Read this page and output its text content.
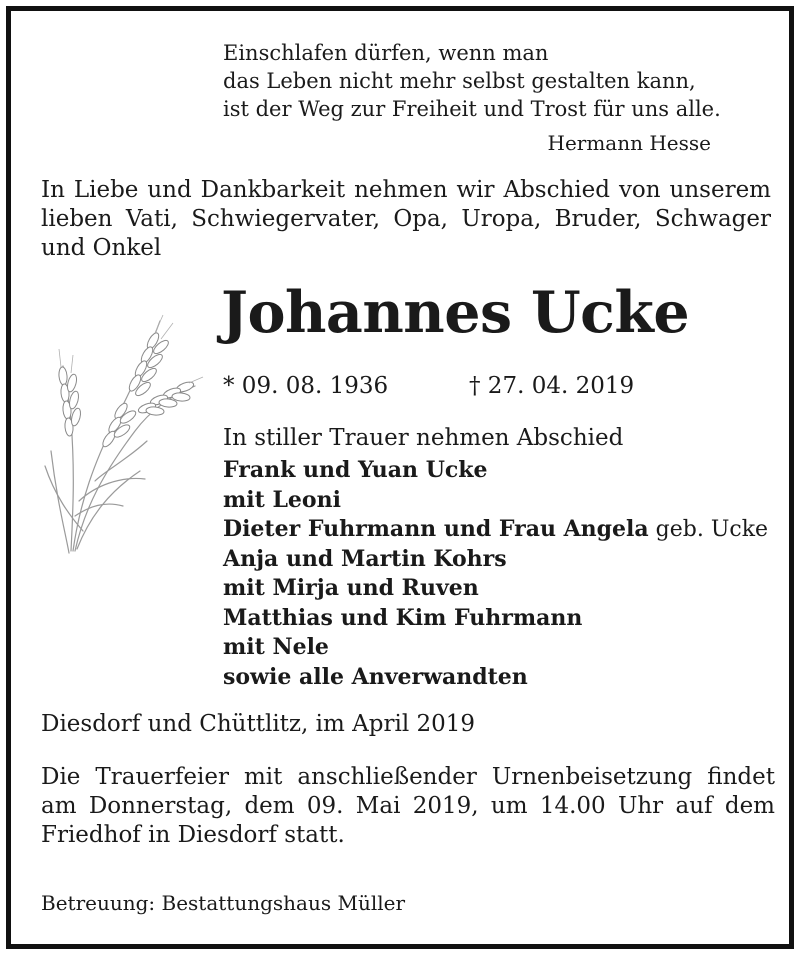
Einschlafen dürfen, wenn man
das Leben nicht mehr selbst gestalten kann,
ist der Weg zur Freiheit und Trost für uns alle.
Hermann Hesse
In Liebe und Dankbarkeit nehmen wir Abschied von unserem
lieben Vati, Schwiegervater, Opa, Uropa, Bruder, Schwager
und Onkel
Johannes Ucke
* 09. 08. 1936	† 27. 04. 2019
In stiller Trauer nehmen Abschied
Frank und Yuan Ucke
mit Leoni
Dieter Fuhrmann und Frau Angela geb. Ucke
Anja und Martin Kohrs
mit Mirja und Ruven
Matthias und Kim Fuhrmann
mit Nele
sowie alle Anverwandten
Diesdorf und Chüttlitz, im April 2019
Die Trauerfeier mit anschließender Urnenbeisetzung findet
am Donnerstag, dem 09. Mai 2019, um 14.00 Uhr auf dem
Friedhof in Diesdorf statt.
Betreuung: Bestattungshaus Müller
